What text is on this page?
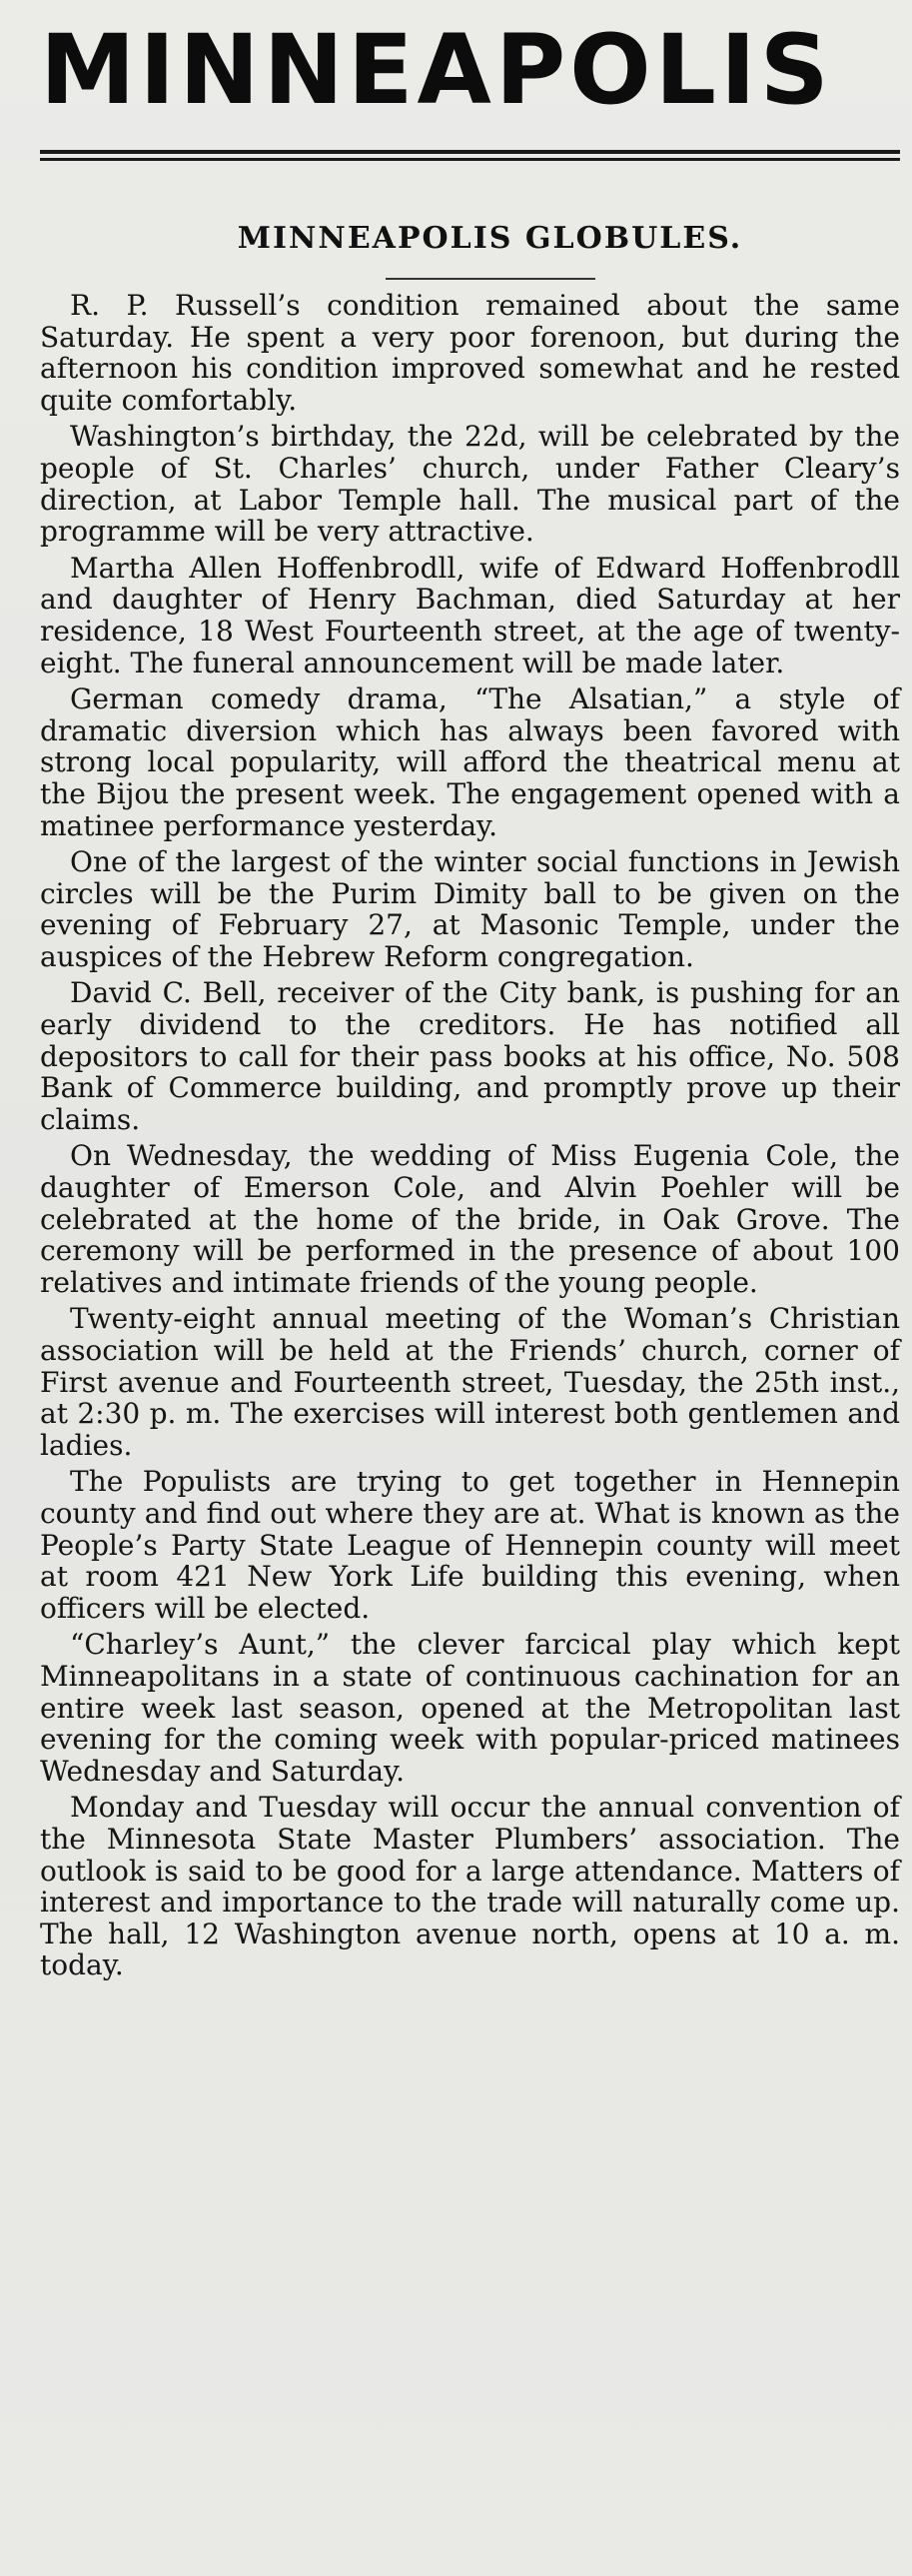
MINNEAPOLIS
MINNEAPOLIS GLOBULES.

R. P. Russell’s condition remained about the same Saturday. He spent a very poor forenoon, but during the afternoon his condition improved somewhat and he rested quite comfortably.

Washington’s birthday, the 22d, will be celebrated by the people of St. Charles’ church, under Father Cleary’s direction, at Labor Temple hall. The musical part of the programme will be very attractive.

Martha Allen Hoffenbrodll, wife of Edward Hoffenbrodll and daughter of Henry Bachman, died Saturday at her residence, 18 West Fourteenth street, at the age of twenty-eight. The funeral announcement will be made later.

German comedy drama, “The Alsatian,” a style of dramatic diversion which has always been favored with strong local popularity, will afford the theatrical menu at the Bijou the present week. The engagement opened with a matinee performance yesterday.

One of the largest of the winter social functions in Jewish circles will be the Purim Dimity ball to be given on the evening of February 27, at Masonic Temple, under the auspices of the Hebrew Reform congregation.

David C. Bell, receiver of the City bank, is pushing for an early dividend to the creditors. He has notified all depositors to call for their pass books at his office, No. 508 Bank of Commerce building, and promptly prove up their claims.

On Wednesday, the wedding of Miss Eugenia Cole, the daughter of Emerson Cole, and Alvin Poehler will be celebrated at the home of the bride, in Oak Grove. The ceremony will be performed in the presence of about 100 relatives and intimate friends of the young people.

Twenty-eight annual meeting of the Woman’s Christian association will be held at the Friends’ church, corner of First avenue and Fourteenth street, Tuesday, the 25th inst., at 2:30 p. m. The exercises will interest both gentlemen and ladies.

The Populists are trying to get together in Hennepin county and find out where they are at. What is known as the People’s Party State League of Hennepin county will meet at room 421 New York Life building this evening, when officers will be elected.

“Charley’s Aunt,” the clever farcical play which kept Minneapolitans in a state of continuous cachination for an entire week last season, opened at the Metropolitan last evening for the coming week with popular-priced matinees Wednesday and Saturday.

Monday and Tuesday will occur the annual convention of the Minnesota State Master Plumbers’ association. The outlook is said to be good for a large attendance. Matters of interest and importance to the trade will naturally come up. The hall, 12 Washington avenue north, opens at 10 a. m. today.
